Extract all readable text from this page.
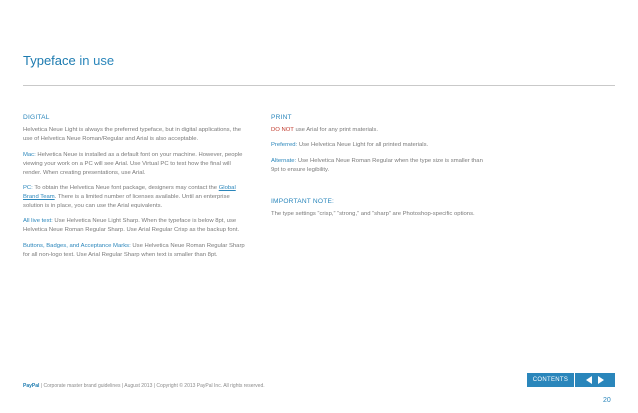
Typeface in use
DIGITAL

Helvetica Neue Light is always the preferred typeface, but in digital applications, the use of Helvetica Neue Roman/Regular and Arial is also acceptable.

Mac: Helvetica Neue is installed as a default font on your machine. However, people viewing your work on a PC will see Arial. Use Virtual PC to test how the final will render. When creating presentations, use Arial.

PC: To obtain the Helvetica Neue font package, designers may contact the Global Brand Team. There is a limited number of licenses available. Until an enterprise solution is in place, you can use the Arial equivalents.

All live text: Use Helvetica Neue Light Sharp. When the typeface is below 8pt, use Helvetica Neue Roman Regular Sharp. Use Arial Regular Crisp as the backup font.

Buttons, Badges, and Acceptance Marks: Use Helvetica Neue Roman Regular Sharp for all non-logo text. Use Arial Regular Sharp when text is smaller than 8pt.

PRINT

DO NOT use Arial for any print materials.

Preferred: Use Helvetica Neue Light for all printed materials.

Alternate: Use Helvetica Neue Roman Regular when the type size is smaller than 9pt to ensure legibility.

IMPORTANT NOTE:

The type settings “crisp,” “strong,” and “sharp” are Photoshop-specific options.

PayPal | Corporate master brand guidelines | August 2013 | Copyright © 2013 PayPal Inc. All rights reserved.
CONTENTS
20
